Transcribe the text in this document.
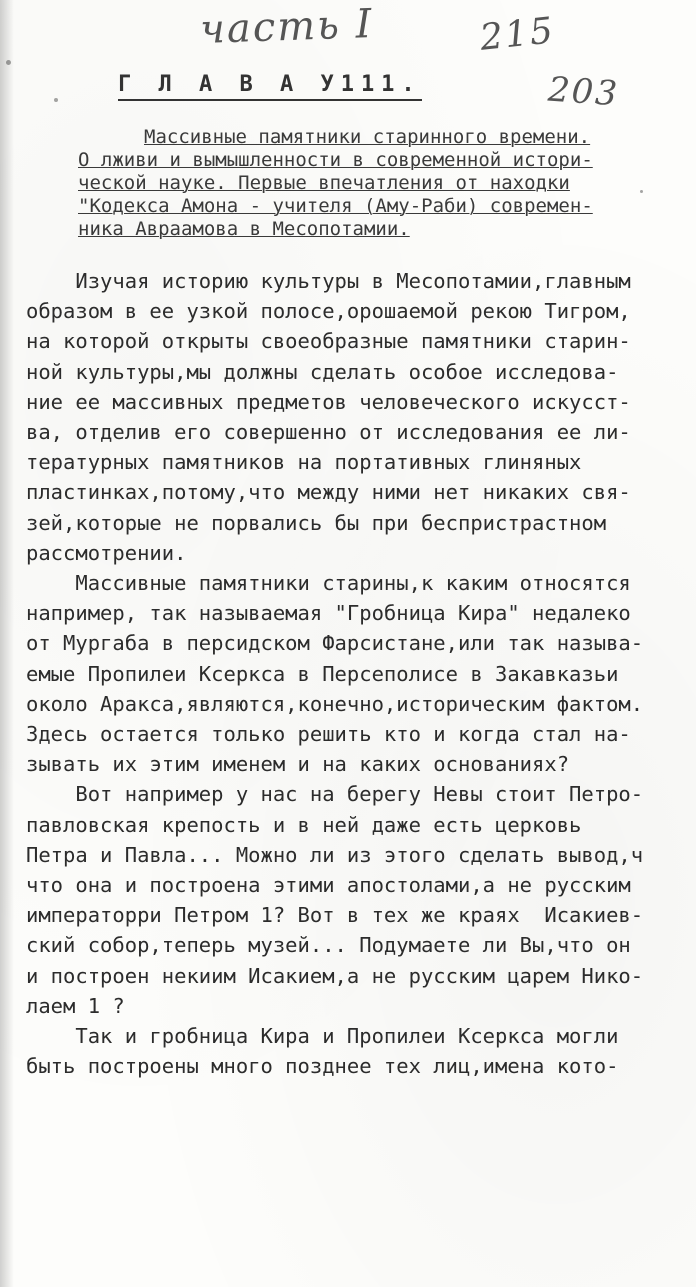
часть I	215
203
Г Л А В А У111.
Массивные памятники старинного времени.
О лживи и вымышленности в современной истори-
ческой науке. Первые впечатления от находки
"Кодекса Амона - учителя (Аму-Раби) современ-
ника Авраамова в Месопотамии.
Изучая историю культуры в Месопотамии,главным
образом в ее узкой полосе,орошаемой рекою Тигром,
на которой открыты своеобразные памятники старин-
ной культуры,мы должны сделать особое исследова-
ние ее массивных предметов человеческого искусст-
ва, отделив его совершенно от исследования ее ли-
тературных памятников на портативных глиняных
пластинках,потому,что между ними нет никаких свя-
зей,которые не порвались бы при беспристрастном
рассмотрении.
Массивные памятники старины,к каким относятся
например, так называемая "Гробница Кира" недалеко
от Мургаба в персидском Фарсистане,или так называ-
емые Пропилеи Ксеркса в Персеполисе в Закавказьи
около Аракса,являются,конечно,историческим фактом.
Здесь остается только решить кто и когда стал на-
зывать их этим именем и на каких основаниях?
Вот например у нас на берегу Невы стоит Петро-
павловская крепость и в ней даже есть церковь
Петра и Павла... Можно ли из этого сделать вывод,ч
что она и построена этими апостолами,а не русским
императорри Петром 1? Вот в тех же краях  Исакиев-
ский собор,теперь музей... Подумаете ли Вы,что он
и построен некиим Исакием,а не русским царем Нико-
лаем 1 ?
Так и гробница Кира и Пропилеи Ксеркса могли
быть построены много позднее тех лиц,имена кото-
